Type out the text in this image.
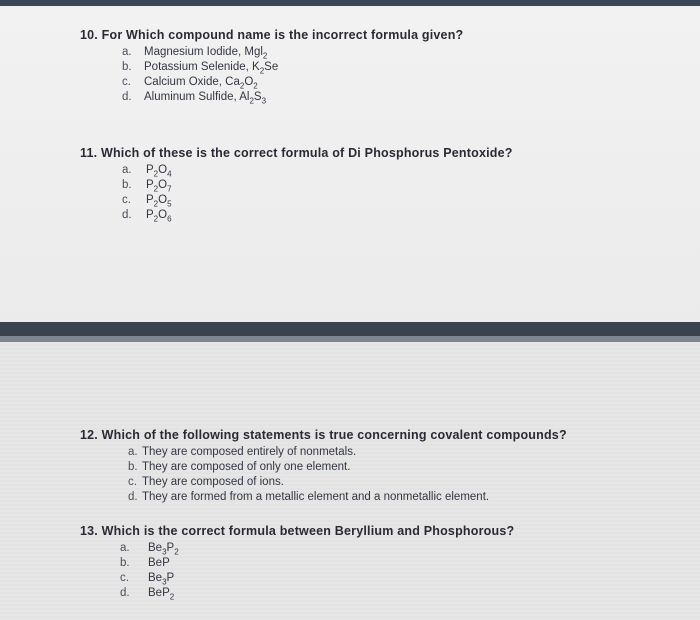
10. For Which compound name is the incorrect formula given?
a. Magnesium Iodide, Mgl$_2$
b. Potassium Selenide, $K_2Se$
c. Calcium Oxide, $Ca_2O_2$
d. Aluminum Sulfide, $Al_2S_3$
11. Which of these is the correct formula of Di Phosphorus Pentoxide?
a. $P_2O_4$
b. $P_2O_7$
c. $P_2O_5$
d. $P_2O_6$
12. Which of the following statements is true concerning covalent compounds?
a. They are composed entirely of nonmetals.
b. They are composed of only one element.
c. They are composed of ions.
d. They are formed from a metallic element and a nonmetallic element.
13. Which is the correct formula between Beryllium and Phosphorous?
a. $Be_3P_2$
b. BeP
c. $Be_3P$
d. BeP$_2$
